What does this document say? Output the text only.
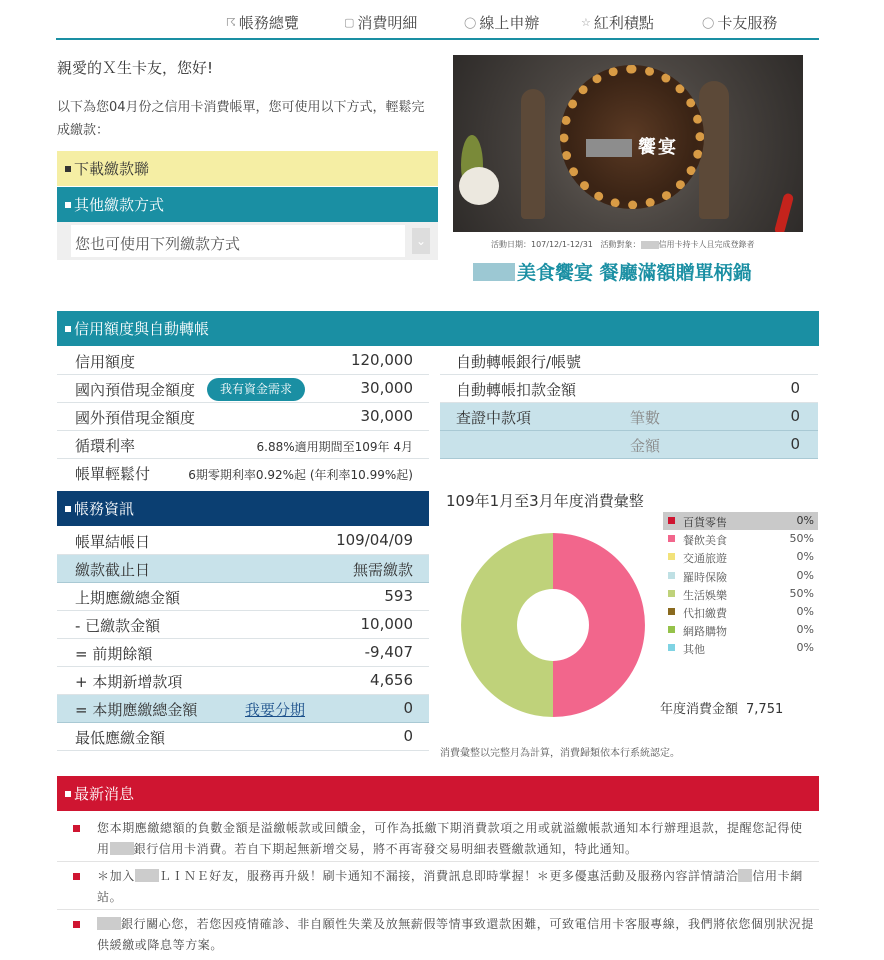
☈ 帳務總覽	▢ 消費明細	◯ 線上申辦	☆ 紅利積點	◯ 卡友服務
親愛的Ｘ生卡友，您好!
以下為您04月份之信用卡消費帳單，您可使用以下方式，輕鬆完成繳款：
下載繳款聯
其他繳款方式
您也可使用下列繳款方式	⌄
饗宴
活動日期：107/12/1-12/31 活動對象： 信用卡持卡人且完成登錄者
美食饗宴 餐廳滿額贈單柄鍋
信用額度與自動轉帳
信用額度	120,000
國內預借現金額度	我有資金需求	30,000
國外預借現金額度	30,000
循環利率	6.88%適用期間至109年 4月
帳單輕鬆付	6期零期利率0.92%起 (年利率10.99%起)
自動轉帳銀行/帳號
自動轉帳扣款金額	0
查證中款項	筆數	0
金額	0
帳務資訊
帳單結帳日	109/04/09
繳款截止日	無需繳款
上期應繳總金額	593
- 已繳款金額	10,000
= 前期餘額	-9,407
+ 本期新增款項	4,656
= 本期應繳總金額	我要分期	0
最低應繳金額	0
109年1月至3月年度消費彙整
百貨零售	0%
餐飲美食	50%
交通旅遊	0%
羅時保險	0%
生活娛樂	50%
代扣繳費	0%
網路購物	0%
其他	0%
年度消費金額 7,751
消費彙整以完整月為計算，消費歸類依本行系統認定。
最新消息
您本期應繳總額的負數金額是溢繳帳款或回饋金，可作為抵繳下期消費款項之用或就溢繳帳款通知本行辦理退款，提醒您記得使用 銀行信用卡消費。若自下期起無新增交易，將不再寄發交易明細表暨繳款通知，特此通知。
＊加入 ＬＩＮＥ好友，服務再升級！刷卡通知不漏接，消費訊息即時掌握！＊更多優惠活動及服務內容詳情請洽 信用卡網站。
銀行關心您，若您因疫情確診、非自願性失業及放無薪假等情事致還款困難，可致電信用卡客服專線，我們將依您個別狀況提供緩繳或降息等方案。
